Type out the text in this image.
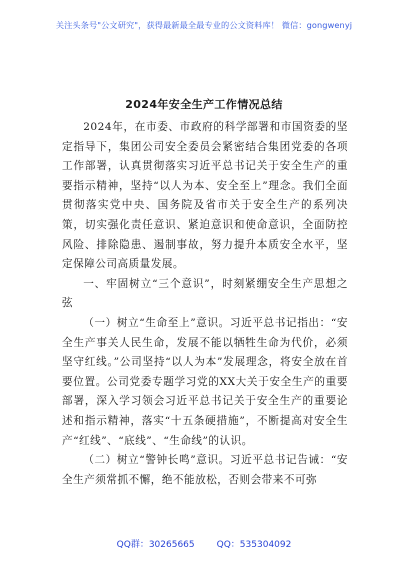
关注头条号"公文研究"，获得最新最全最专业的公文资料库！ 微信：gongwenyj
2024年安全生产工作情况总结

2024年，在市委、市政府的科学部署和市国资委的坚定指导下，集团公司安全委员会紧密结合集团党委的各项工作部署，认真贯彻落实习近平总书记关于安全生产的重要指示精神，坚持“以人为本、安全至上”理念。我们全面贯彻落实党中央、国务院及省市关于安全生产的系列决策，切实强化责任意识、紧迫意识和使命意识，全面防控风险、排除隐患、遏制事故，努力提升本质安全水平，坚定保障公司高质量发展。

一、牢固树立“三个意识”，时刻紧绷安全生产思想之弦

（一）树立“生命至上”意识。习近平总书记指出：“安全生产事关人民生命，发展不能以牺牲生命为代价，必须坚守红线。”公司坚持“以人为本”发展理念，将安全放在首要位置。公司党委专题学习党的XX大关于安全生产的重要部署，深入学习领会习近平总书记关于安全生产的重要论述和指示精神，落实“十五条硬措施”，不断提高对安全生产“红线”、“底线”、“生命线”的认识。

（二）树立“警钟长鸣”意识。习近平总书记告诫：“安全生产须常抓不懈，绝不能放松，否则会带来不可弥

QQ群：30265665 QQ：535304092
